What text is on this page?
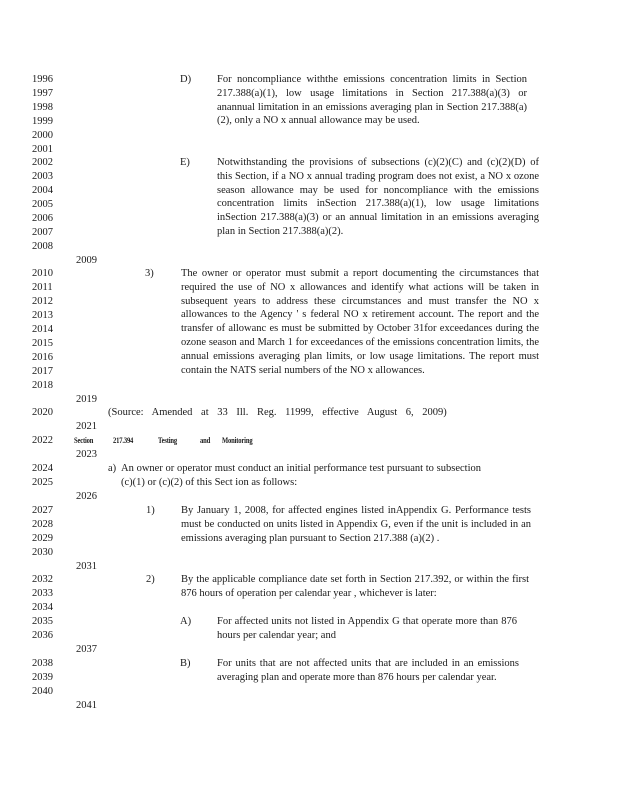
1996
1997
1998
1999
2000
2001
2002
2003
2004
2005
2006
2007
2008
2009
2010
2011
2012
2013
2014
2015
2016
2017
2018
2019
2020
2021
2022
2023
2024
2025
2026
2027
2028
2029
2030
2031
2032
2033
2034
2035
2036
2037
2038
2039
2040
2041
D) For noncompliance withthe emissions concentration limits in Section 217.388(a)(1), low usage limitations in Section 217.388(a)(3) or anannual limitation in an emissions averaging plan in Section 217.388(a)(2), only a NO x annual allowance may be used.
E)	Notwithstanding the provisions of subsections (c)(2)(C) and (c)(2)(D) of this Section, if a NO x annual trading program does not exist, a NO x ozone season allowance may be used for noncompliance with the emissions concentration limits inSection 217.388(a)(1), low usage limitations inSection 217.388(a)(3) or an annual limitation in an emissions averaging plan in Section 217.388(a)(2).
3)	The owner or operator must submit a report documenting the circumstances that required the use of NO x allowances and identify what actions will be taken in subsequent years to address these circumstances and must transfer the NO x allowances to the Agency ' s federal NO x retirement account. The report and the transfer of allowanc es must be submitted by October 31for exceedances during the ozone season and March 1 for exceedances of the emissions concentration limits, the annual emissions averaging plan limits, or low usage limitations. The report must contain the NATS serial numbers of the NO x allowances.
(Source: Amended at 33 Ill. Reg. 11999, effective August 6, 2009)
Section 217.394	Testing	and Monitoring
a) An owner or operator must conduct an initial performance test pursuant to subsection (c)(1) or (c)(2) of this Sect ion as follows:
1)	By January 1, 2008, for affected engines listed inAppendix G. Performance tests must be conducted on units listed in Appendix G, even if the unit is included in an emissions averaging plan pursuant to Section 217.388 (a)(2) .
2)	By the applicable compliance date set forth in Section 217.392, or within the first 876 hours of operation per calendar year , whichever is later:
A) For affected units not listed in Appendix G that operate more than 876 hours per calendar year; and
B)	For units that are not affected units that are included in an emissions averaging plan and operate more than 876 hours per calendar year.
